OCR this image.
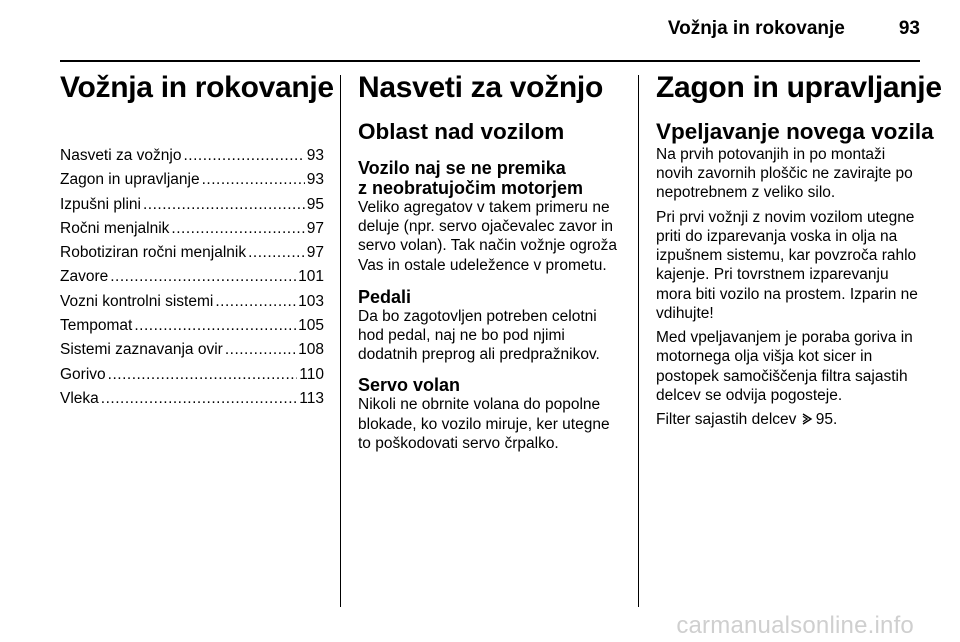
Vožnja in rokovanje	93
Vožnja in rokovanje
Nasveti za vožnjo .....	93
Zagon in upravljanje .....	93
Izpušni plini .....	95
Ročni menjalnik .....	97
Robotiziran ročni menjalnik .....	97
Zavore .....	101
Vozni kontrolni sistemi .....	103
Tempomat .....	105
Sistemi zaznavanja ovir .....	108
Gorivo .....	110
Vleka .....	113
Nasveti za vožnjo
Oblast nad vozilom
Vozilo naj se ne premika
z neobratujočim motorjem

Veliko agregatov v takem primeru ne deluje (npr. servo ojačevalec zavor in servo volan). Tak način vožnje ogroža Vas in ostale udeležence v prometu.

Pedali

Da bo zagotovljen potreben celotni hod pedal, naj ne bo pod njimi dodatnih preprog ali predpražnikov.

Servo volan

Nikoli ne obrnite volana do popolne blokade, ko vozilo miruje, ker utegne to poškodovati servo črpalko.

Zagon in upravljanje
Vpeljavanje novega vozila

Na prvih potovanjih in po montaži novih zavornih ploščic ne zavirajte po nepotrebnem z veliko silo.

Pri prvi vožnji z novim vozilom utegne priti do izparevanja voska in olja na izpušnem sistemu, kar povzroča rahlo kajenje. Pri tovrstnem izparevanju mora biti vozilo na prostem. Izparin ne vdihujte!

Med vpeljavanjem je poraba goriva in motornega olja višja kot sicer in postopek samočiščenja filtra sajastih delcev se odvija pogosteje.

Filter sajastih delcev 95.

carmanualsonline.info
